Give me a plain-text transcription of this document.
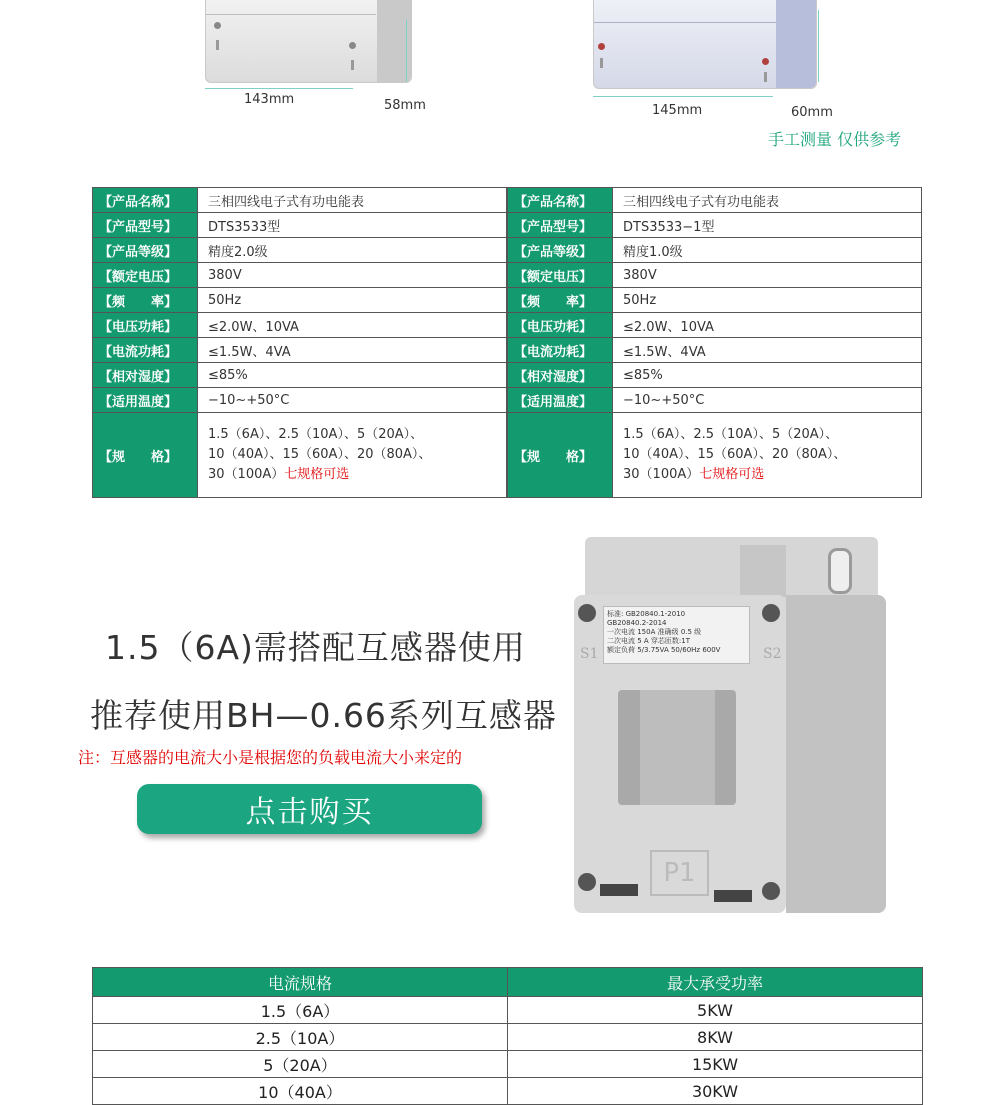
143mm	58mm	145mm	60mm
手工测量 仅供参考
【产品名称】	三相四线电子式有功电能表
【产品型号】	DTS3533型
【产品等级】	精度2.0级
【额定电压】	380V
【频　　率】	50Hz
【电压功耗】	≤2.0W、10VA
【电流功耗】	≤1.5W、4VA
【相对湿度】	≤85%
【适用温度】	−10~+50°C
【规　　格】	1.5（6A）、2.5（10A）、5（20A）、
10（40A）、15（60A）、20（80A）、
30（100A）七规格可选
【产品名称】	三相四线电子式有功电能表
【产品型号】	DTS3533−1型
【产品等级】	精度1.0级
【额定电压】	380V
【频　　率】	50Hz
【电压功耗】	≤2.0W、10VA
【电流功耗】	≤1.5W、4VA
【相对湿度】	≤85%
【适用温度】	−10~+50°C
【规　　格】	1.5（6A）、2.5（10A）、5（20A）、
10（40A）、15（60A）、20（80A）、
30（100A）七规格可选
1.5（6A)需搭配互感器使用
推荐使用BH—0.66系列互感器
注：互感器的电流大小是根据您的负载电流大小来定的
点击购买
标准: GB20840.1-2010
GB20840.2-2014
一次电流 150A 准确级 0.5 级
二次电流 5 A 穿芯匝数:1T
额定负荷 5/3.75VA 50/60Hz 600V
S1	S2
P1
电流规格	最大承受功率
1.5（6A）	5KW
2.5（10A）	8KW
5（20A）	15KW
10（40A）	30KW
